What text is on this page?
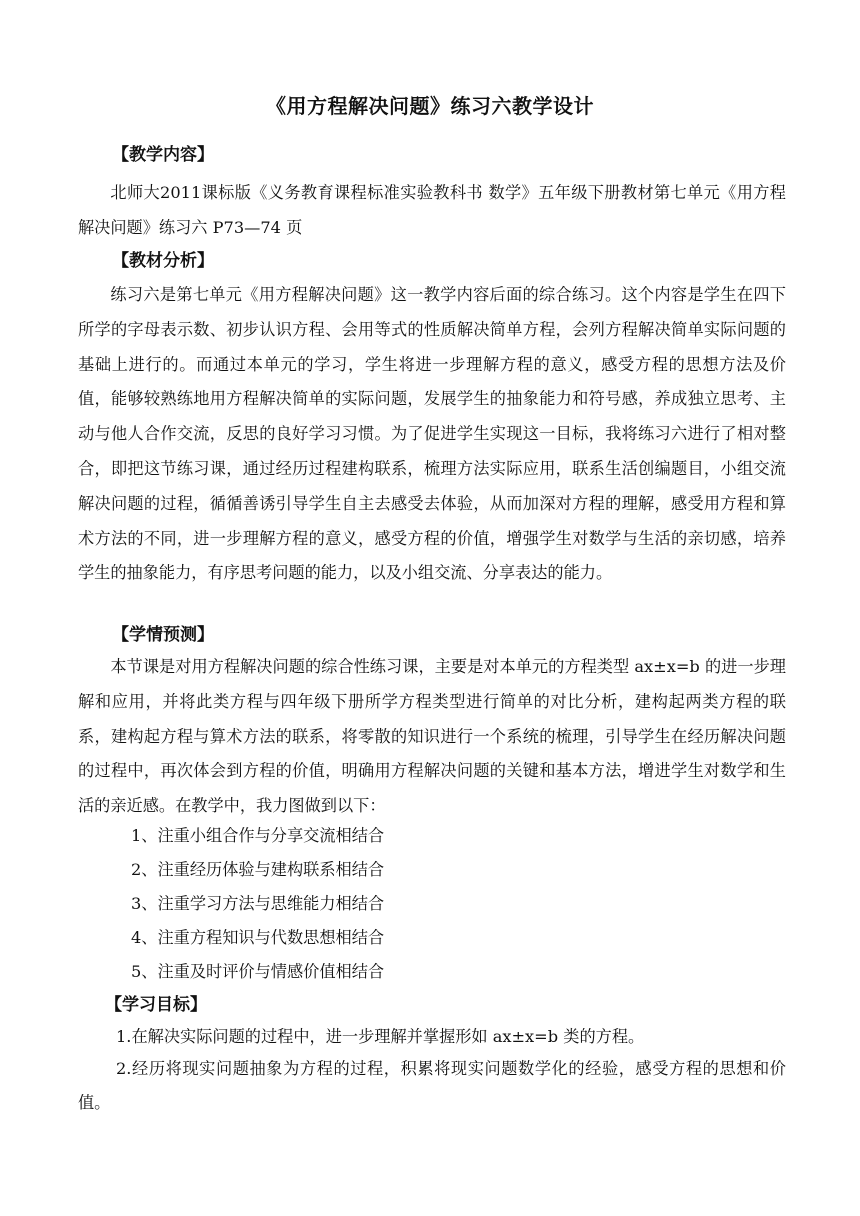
《用方程解决问题》练习六教学设计
【教学内容】
北师大2011课标版《义务教育课程标准实验教科书 数学》五年级下册教材第七单元《用方程解决问题》练习六 P73—74 页
【教材分析】
练习六是第七单元《用方程解决问题》这一教学内容后面的综合练习。这个内容是学生在四下所学的字母表示数、初步认识方程、会用等式的性质解决简单方程，会列方程解决简单实际问题的基础上进行的。而通过本单元的学习，学生将进一步理解方程的意义，感受方程的思想方法及价值，能够较熟练地用方程解决简单的实际问题，发展学生的抽象能力和符号感，养成独立思考、主动与他人合作交流，反思的良好学习习惯。为了促进学生实现这一目标，我将练习六进行了相对整合，即把这节练习课，通过经历过程建构联系，梳理方法实际应用，联系生活创编题目，小组交流解决问题的过程，循循善诱引导学生自主去感受去体验，从而加深对方程的理解，感受用方程和算术方法的不同，进一步理解方程的意义，感受方程的价值，增强学生对数学与生活的亲切感，培养学生的抽象能力，有序思考问题的能力，以及小组交流、分享表达的能力。
【学情预测】
本节课是对用方程解决问题的综合性练习课，主要是对本单元的方程类型 ax±x=b 的进一步理解和应用，并将此类方程与四年级下册所学方程类型进行简单的对比分析，建构起两类方程的联系，建构起方程与算术方法的联系，将零散的知识进行一个系统的梳理，引导学生在经历解决问题的过程中，再次体会到方程的价值，明确用方程解决问题的关键和基本方法，增进学生对数学和生活的亲近感。在教学中，我力图做到以下：
1、注重小组合作与分享交流相结合
2、注重经历体验与建构联系相结合
3、注重学习方法与思维能力相结合
4、注重方程知识与代数思想相结合
5、注重及时评价与情感价值相结合
【学习目标】
1.在解决实际问题的过程中，进一步理解并掌握形如 ax±x=b 类的方程。
2.经历将现实问题抽象为方程的过程，积累将现实问题数学化的经验，感受方程的思想和价值。
